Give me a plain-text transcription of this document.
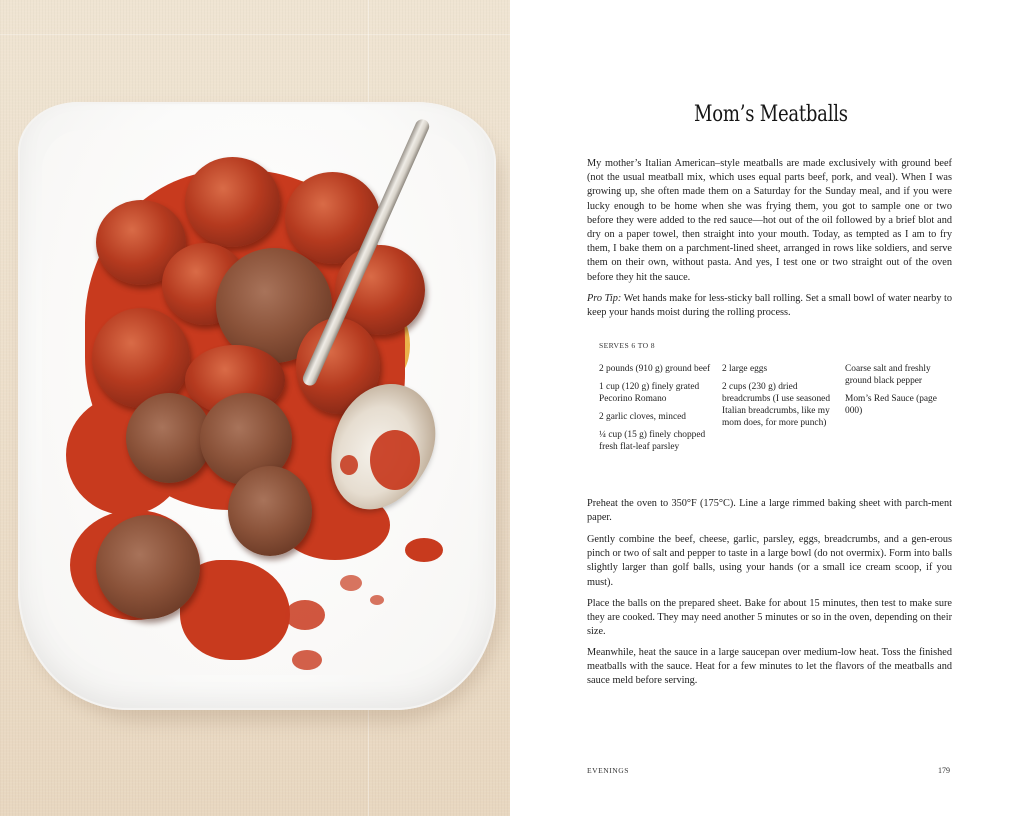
Mom’s Meatballs

My mother’s Italian American–style meatballs are made exclusively with ground beef (not the usual meatball mix, which uses equal parts beef, pork, and veal). When I was growing up, she often made them on a Saturday for the Sunday meal, and if you were lucky enough to be home when she was frying them, you got to sample one or two before they were added to the red sauce—hot out of the oil followed by a brief blot and dry on a paper towel, then straight into your mouth. Today, as tempted as I am to fry them, I bake them on a parchment-lined sheet, arranged in rows like soldiers, and serve them on their own, without pasta. And yes, I test one or two straight out of the oven before they hit the sauce.

Pro Tip: Wet hands make for less-sticky ball rolling. Set a small bowl of water nearby to keep your hands moist during the rolling process.

SERVES 6 TO 8

2 pounds (910 g) ground beef

1 cup (120 g) finely grated Pecorino Romano

2 garlic cloves, minced

¼ cup (15 g) finely chopped fresh flat-leaf parsley

2 large eggs

2 cups (230 g) dried breadcrumbs (I use seasoned Italian breadcrumbs, like my mom does, for more punch)

Coarse salt and freshly ground black pepper

Mom’s Red Sauce (page 000)

Preheat the oven to 350°F (175°C). Line a large rimmed baking sheet with parch-ment paper.

Gently combine the beef, cheese, garlic, parsley, eggs, breadcrumbs, and a gen-erous pinch or two of salt and pepper to taste in a large bowl (do not overmix). Form into balls slightly larger than golf balls, using your hands (or a small ice cream scoop, if you must).

Place the balls on the prepared sheet. Bake for about 15 minutes, then test to make sure they are cooked. They may need another 5 minutes or so in the oven, depending on their size.

Meanwhile, heat the sauce in a large saucepan over medium-low heat. Toss the finished meatballs with the sauce. Heat for a few minutes to let the flavors of the meatballs and sauce meld before serving.

EVENINGS	179
